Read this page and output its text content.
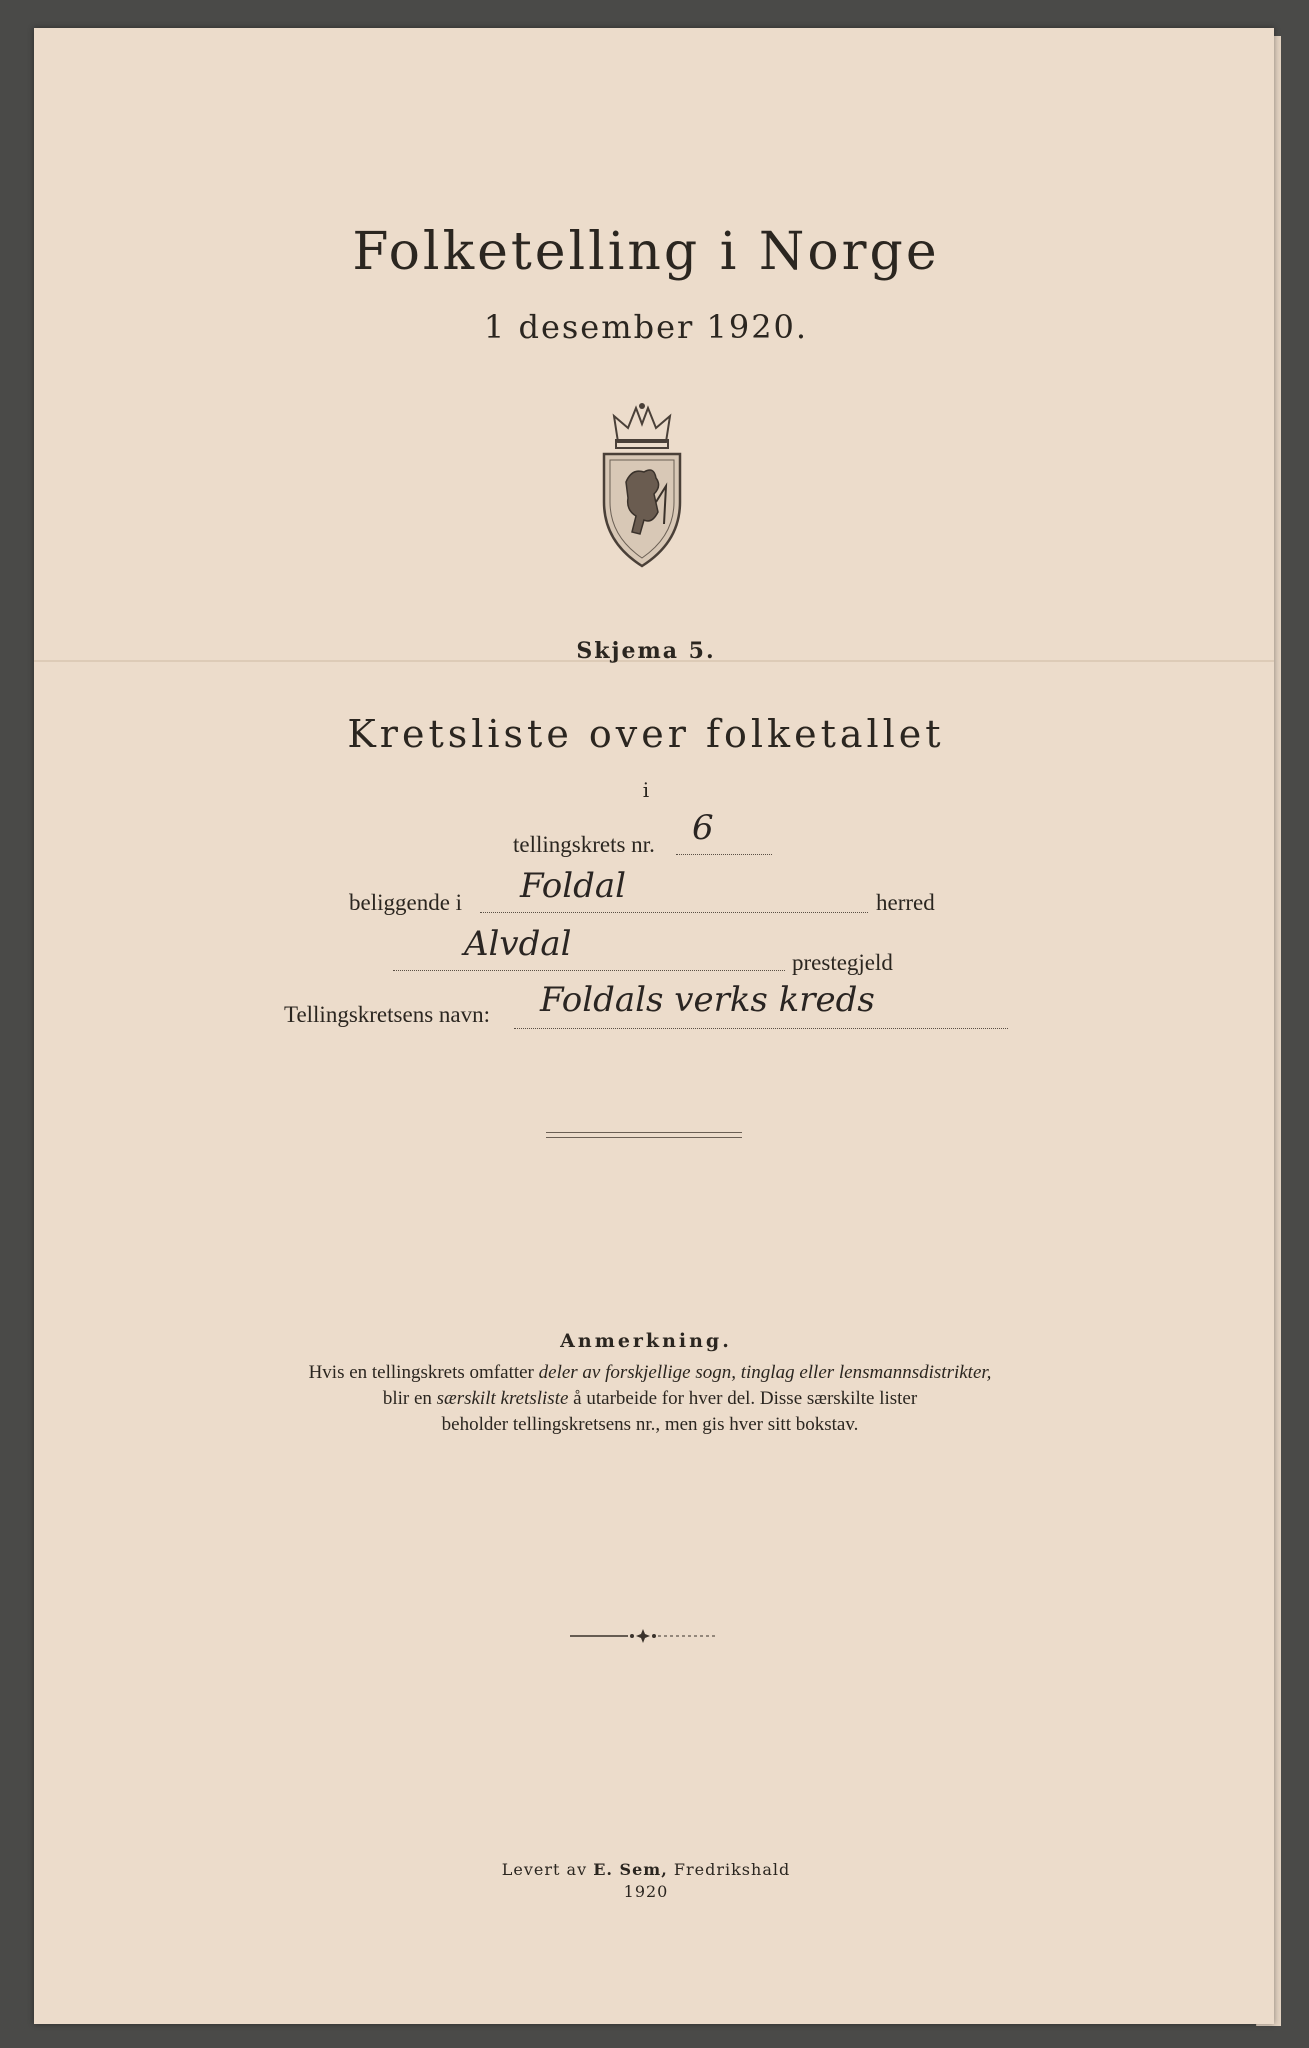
Folketelling i Norge
1 desember 1920.
Skjema 5.
Kretsliste over folketallet
i
tellingskrets nr. 6
beliggende i Foldal	herred
Alvdal	prestegjeld
Tellingskretsens navn: Foldals verks kreds
Anmerkning.
Hvis en tellingskrets omfatter deler av forskjellige sogn, tinglag eller lensmannsdistrikter,
blir en særskilt kretsliste å utarbeide for hver del. Disse særskilte lister
beholder tellingskretsens nr., men gis hver sitt bokstav.
Levert av E. Sem, Fredrikshald
1920
